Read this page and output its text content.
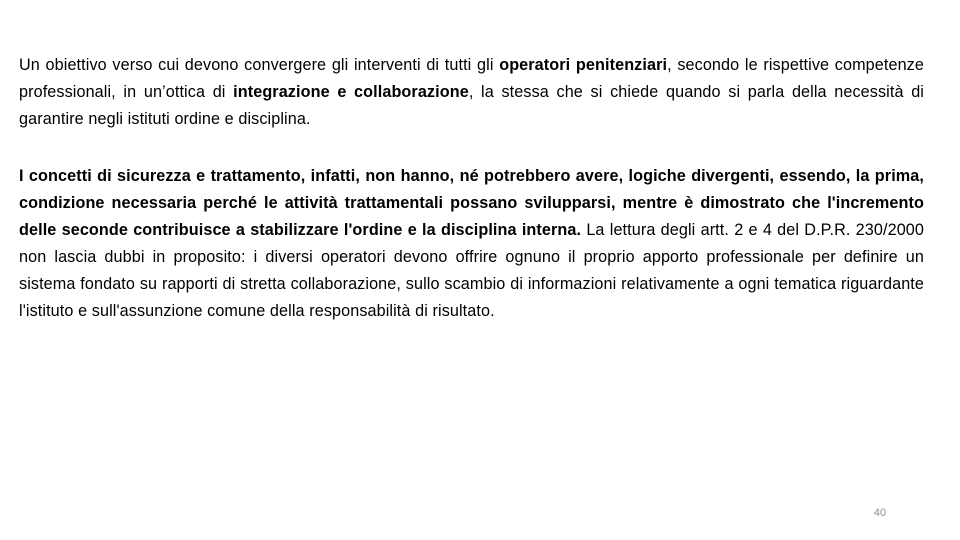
Un obiettivo verso cui devono convergere gli interventi di tutti gli operatori penitenziari, secondo le rispettive competenze professionali, in un’ottica di integrazione e collaborazione, la stessa che si chiede quando si parla della necessità di garantire negli istituti ordine e disciplina.

I concetti di sicurezza e trattamento, infatti, non hanno, né potrebbero avere, logiche divergenti, essendo, la prima, condizione necessaria perché le attività trattamentali possano svilupparsi, mentre è dimostrato che l'incremento delle seconde contribuisce a stabilizzare l'ordine e la disciplina interna. La lettura degli artt. 2 e 4 del D.P.R. 230/2000 non lascia dubbi in proposito: i diversi operatori devono offrire ognuno il proprio apporto professionale per definire un sistema fondato su rapporti di stretta collaborazione, sullo scambio di informazioni relativamente a ogni tematica riguardante l'istituto e sull'assunzione comune della responsabilità di risultato.

40
